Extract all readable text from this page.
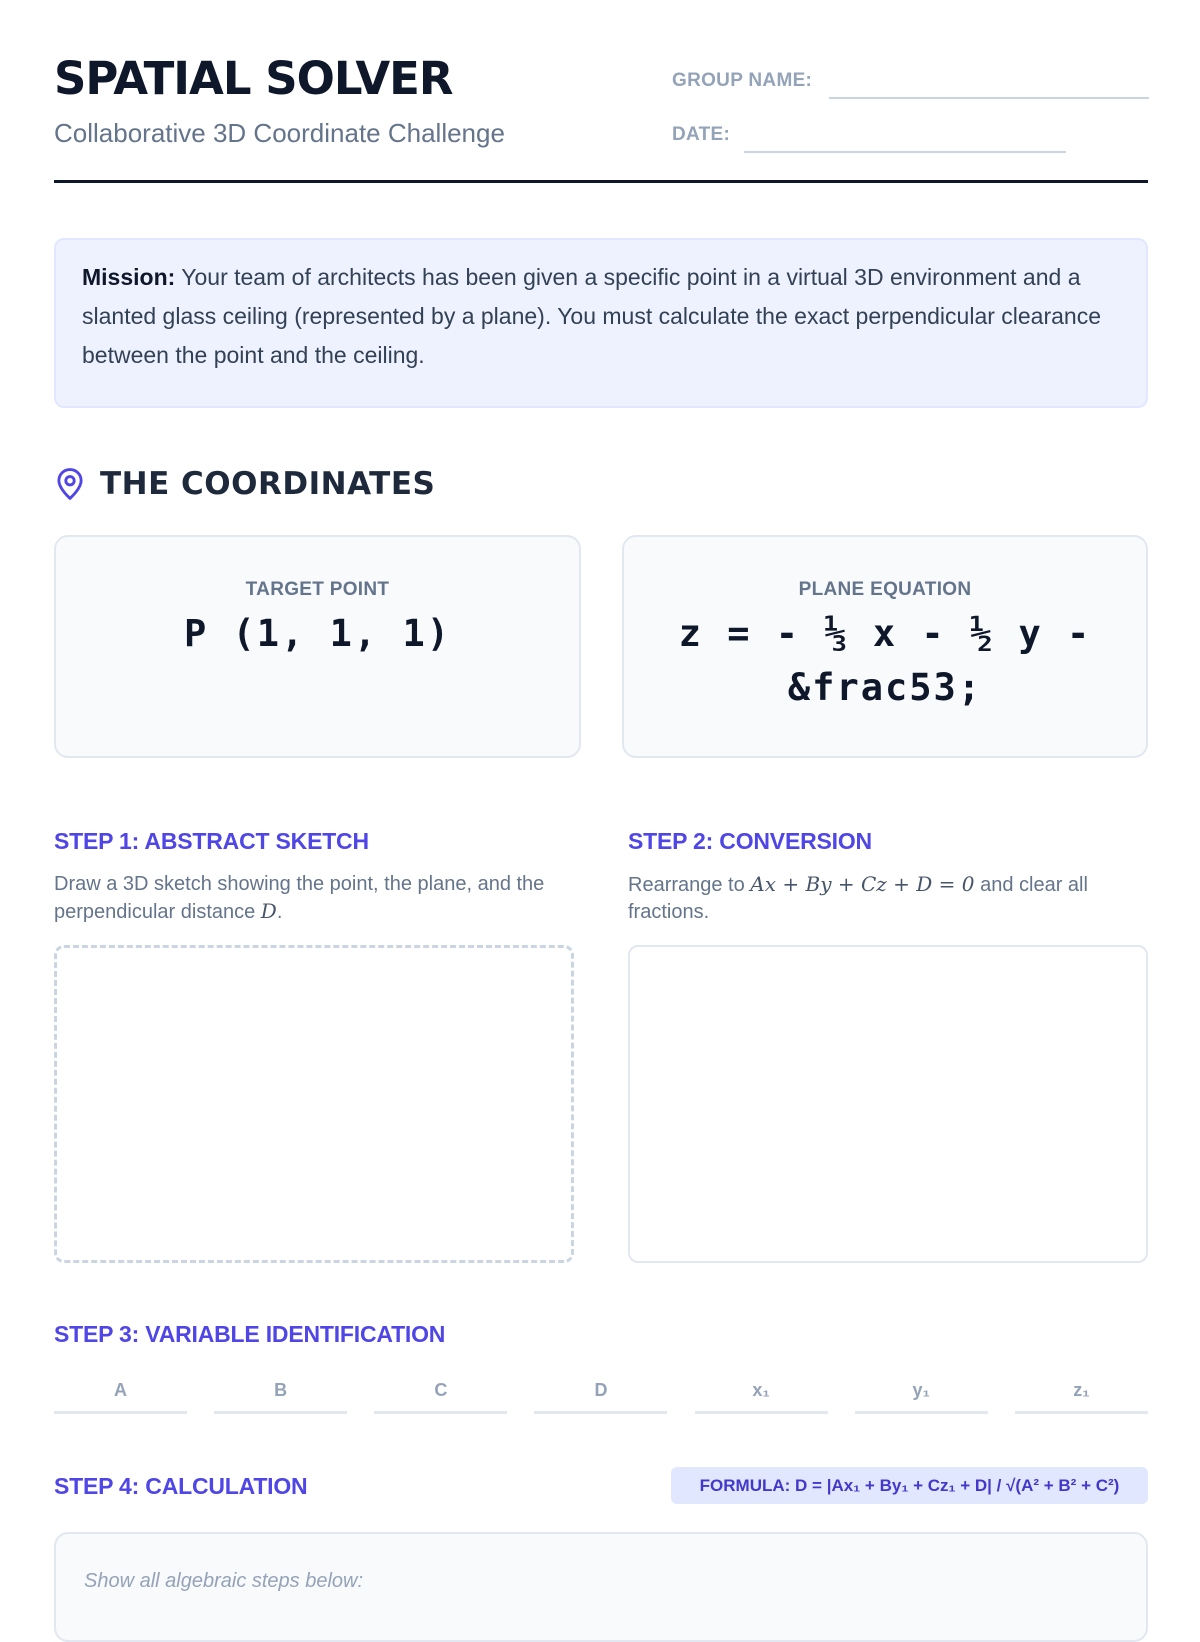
SPATIAL SOLVER
Collaborative 3D Coordinate Challenge
GROUP NAME:
DATE:
Mission: Your team of architects has been given a specific point in a virtual 3D environment and a slanted glass ceiling (represented by a plane). You must calculate the exact perpendicular clearance between the point and the ceiling.
THE COORDINATES
TARGET POINT
P (1, 1, 1)
PLANE EQUATION
z = - ⅓ x - ½ y -
&frac53;
STEP 1: ABSTRACT SKETCH
Draw a 3D sketch showing the point, the plane, and the perpendicular distance D.
STEP 2: CONVERSION
Rearrange to Ax + By + Cz + D = 0 and clear all fractions.
STEP 3: VARIABLE IDENTIFICATION
A	B	C	D	x₁	y₁	z₁
STEP 4: CALCULATION	FORMULA: D = |Ax₁ + By₁ + Cz₁ + D| / √(A² + B² + C²)
Show all algebraic steps below:
